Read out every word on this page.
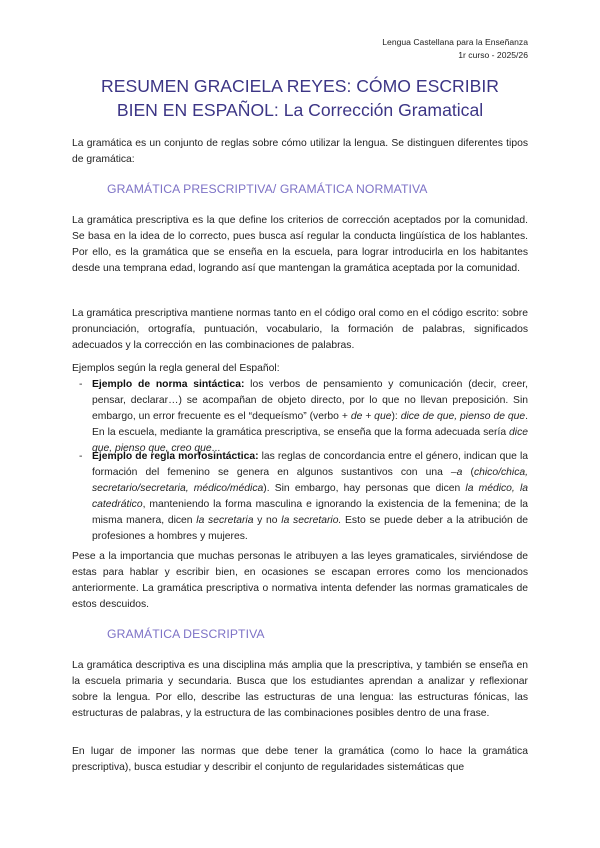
Lengua Castellana para la Enseñanza
1r curso - 2025/26
RESUMEN GRACIELA REYES: CÓMO ESCRIBIR
BIEN EN ESPAÑOL: La Corrección Gramatical

La gramática es un conjunto de reglas sobre cómo utilizar la lengua. Se distinguen diferentes tipos de gramática:

GRAMÁTICA PRESCRIPTIVA/ GRAMÁTICA NORMATIVA

La gramática prescriptiva es la que define los criterios de corrección aceptados por la comunidad. Se basa en la idea de lo correcto, pues busca así regular la conducta lingüística de los hablantes. Por ello, es la gramática que se enseña en la escuela, para lograr introducirla en los habitantes desde una temprana edad, logrando así que mantengan la gramática aceptada por la comunidad.

La gramática prescriptiva mantiene normas tanto en el código oral como en el código escrito: sobre pronunciación, ortografía, puntuación, vocabulario, la formación de palabras, significados adecuados y la corrección en las combinaciones de palabras.

Ejemplos según la regla general del Español:

- Ejemplo de norma sintáctica: los verbos de pensamiento y comunicación (decir, creer, pensar, declarar…) se acompañan de objeto directo, por lo que no llevan preposición. Sin embargo, un error frecuente es el “dequeísmo” (verbo + de + que): dice de que, pienso de que. En la escuela, mediante la gramática prescriptiva, se enseña que la forma adecuada sería dice que, pienso que, creo que...

- Ejemplo de regla morfosintáctica: las reglas de concordancia entre el género, indican que la formación del femenino se genera en algunos sustantivos con una –a (chico/chica, secretario/secretaria, médico/médica). Sin embargo, hay personas que dicen la médico, la catedrático, manteniendo la forma masculina e ignorando la existencia de la femenina; de la misma manera, dicen la secretaria y no la secretario. Esto se puede deber a la atribución de profesiones a hombres y mujeres.

Pese a la importancia que muchas personas le atribuyen a las leyes gramaticales, sirviéndose de estas para hablar y escribir bien, en ocasiones se escapan errores como los mencionados anteriormente. La gramática prescriptiva o normativa intenta defender las normas gramaticales de estos descuidos.

GRAMÁTICA DESCRIPTIVA

La gramática descriptiva es una disciplina más amplia que la prescriptiva, y también se enseña en la escuela primaria y secundaria. Busca que los estudiantes aprendan a analizar y reflexionar sobre la lengua. Por ello, describe las estructuras de una lengua: las estructuras fónicas, las estructuras de palabras, y la estructura de las combinaciones posibles dentro de una frase.

En lugar de imponer las normas que debe tener la gramática (como lo hace la gramática prescriptiva), busca estudiar y describir el conjunto de regularidades sistemáticas que
